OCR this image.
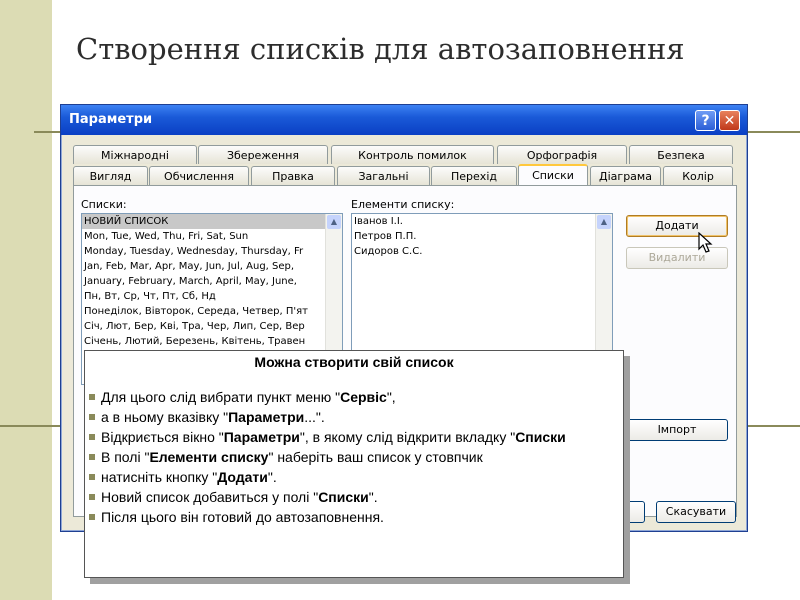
Створення списків для автозаповнення
Параметри	?	✕
Міжнародні	Збереження	Контроль помилок	Орфографія	Безпека
Вигляд	Обчислення	Правка	Загальні	Перехід	Списки	Діаграма	Колір
Списки:
НОВИЙ СПИСОК
Mon, Tue, Wed, Thu, Fri, Sat, Sun
Monday, Tuesday, Wednesday, Thursday, Fr
Jan, Feb, Mar, Apr, May, Jun, Jul, Aug, Sep,
January, February, March, April, May, June,
Пн, Вт, Ср, Чт, Пт, Сб, Нд
Понеділок, Вівторок, Середа, Четвер, П'ят
Січ, Лют, Бер, Кві, Тра, Чер, Лип, Сер, Вер
Січень, Лютий, Березень, Квітень, Травен
▲
Елементи списку:
Іванов І.І.
Петров П.П.
Сидоров С.С.
▲	Додати
Видалити
Імпорт
Скасувати
Можна створити свій список
Для цього слід вибрати пункт меню "Сервіс",
а в ньому вказівку "Параметри...".
Відкриється вікно "Параметри", в якому слід відкрити вкладку "Списки
В полі "Елементи списку" наберіть ваш список у стовпчик
натисніть кнопку "Додати".
Новий список добавиться у полі "Списки".
Після цього він готовий до автозаповнення.
